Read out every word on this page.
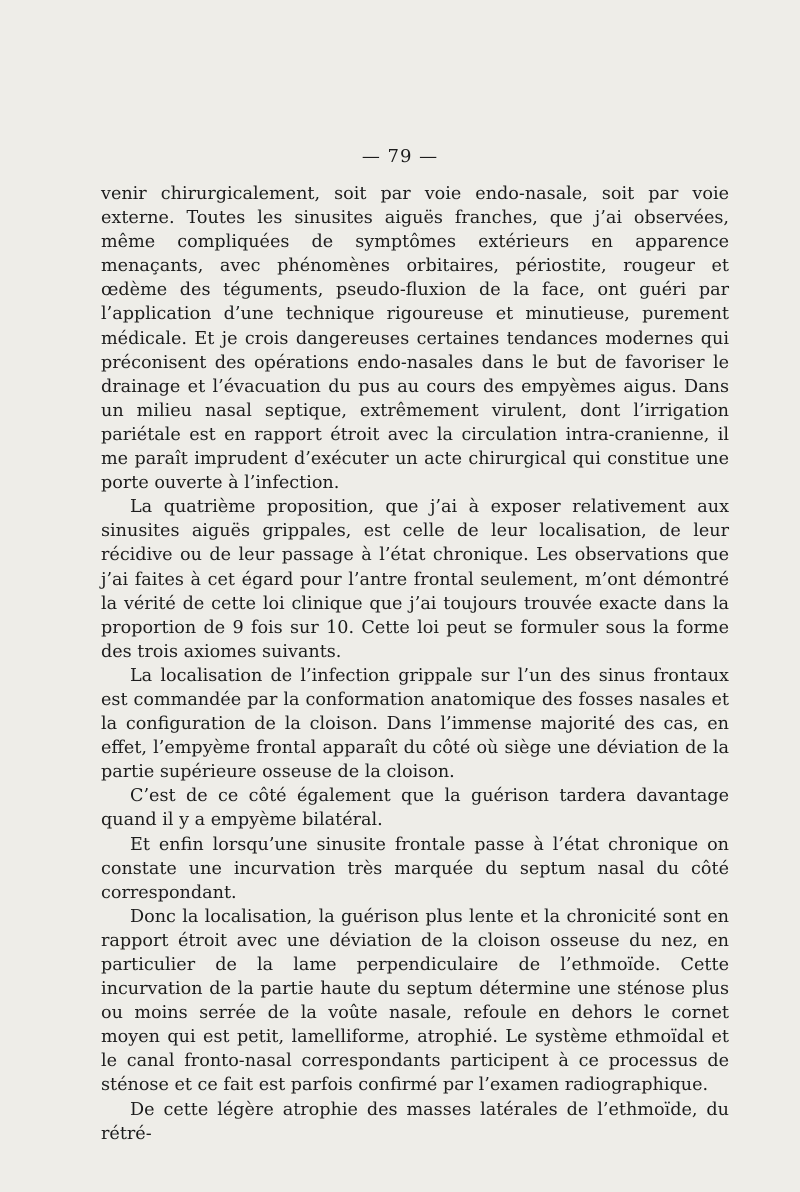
— 79 —

venir chirurgicalement, soit par voie endo-nasale, soit par voie externe. Toutes les sinusites aiguës franches, que j’ai observées, même compliquées de symptômes extérieurs en apparence menaçants, avec phénomènes orbitaires, périostite, rougeur et œdème des téguments, pseudo-fluxion de la face, ont guéri par l’application d’une technique rigoureuse et minutieuse, purement médicale. Et je crois dangereuses certaines tendances modernes qui préconisent des opérations endo-nasales dans le but de favoriser le drainage et l’évacuation du pus au cours des empyèmes aigus. Dans un milieu nasal septique, extrêmement virulent, dont l’irrigation pariétale est en rapport étroit avec la circulation intra-cranienne, il me paraît imprudent d’exécuter un acte chirurgical qui constitue une porte ouverte à l’infection.

La quatrième proposition, que j’ai à exposer relativement aux sinusites aiguës grippales, est celle de leur localisation, de leur récidive ou de leur passage à l’état chronique. Les observations que j’ai faites à cet égard pour l’antre frontal seulement, m’ont démontré la vérité de cette loi clinique que j’ai toujours trouvée exacte dans la proportion de 9 fois sur 10. Cette loi peut se formuler sous la forme des trois axiomes suivants.

La localisation de l’infection grippale sur l’un des sinus frontaux est commandée par la conformation anatomique des fosses nasales et la configuration de la cloison. Dans l’immense majorité des cas, en effet, l’empyème frontal apparaît du côté où siège une déviation de la partie supérieure osseuse de la cloison.

C’est de ce côté également que la guérison tardera davantage quand il y a empyème bilatéral.

Et enfin lorsqu’une sinusite frontale passe à l’état chronique on constate une incurvation très marquée du septum nasal du côté correspondant.

Donc la localisation, la guérison plus lente et la chronicité sont en rapport étroit avec une déviation de la cloison osseuse du nez, en particulier de la lame perpendiculaire de l’ethmoïde. Cette incurvation de la partie haute du septum détermine une sténose plus ou moins serrée de la voûte nasale, refoule en dehors le cornet moyen qui est petit, lamelliforme, atrophié. Le système ethmoïdal et le canal fronto-nasal correspondants participent à ce processus de sténose et ce fait est parfois confirmé par l’examen radiographique.

De cette légère atrophie des masses latérales de l’ethmoïde, du rétré-
